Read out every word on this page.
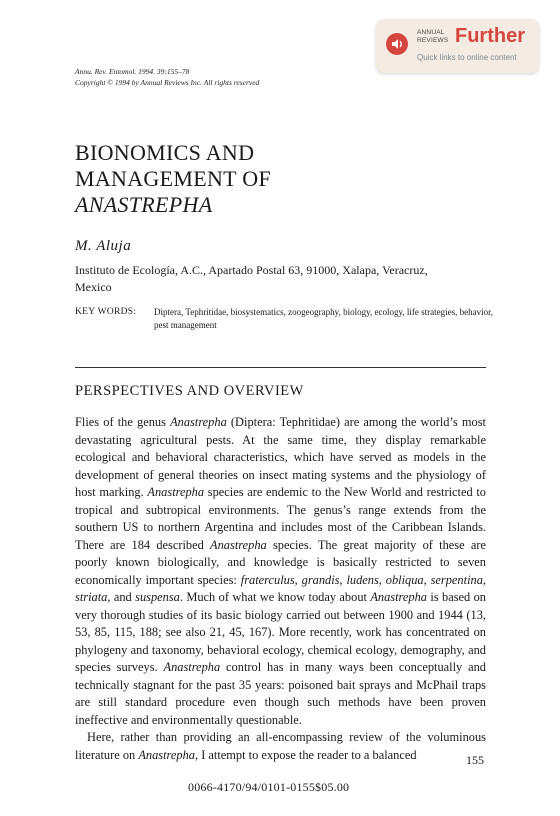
ANNUAL
REVIEWS Further
Quick links to online content
Annu. Rev. Entomol. 1994. 39:155–78
Copyright © 1994 by Annual Reviews Inc. All rights reserved
BIONOMICS AND
MANAGEMENT OF
ANASTREPHA
M. Aluja
Instituto de Ecología, A.C., Apartado Postal 63, 91000, Xalapa, Veracruz,
Mexico
KEY WORDS: Diptera, Tephritidae, biosystematics, zoogeography, biology, ecology, life strategies, behavior, pest management
PERSPECTIVES AND OVERVIEW

Flies of the genus Anastrepha (Diptera: Tephritidae) are among the world’s most devastating agricultural pests. At the same time, they display remarkable ecological and behavioral characteristics, which have served as models in the development of general theories on insect mating systems and the physiology of host marking. Anastrepha species are endemic to the New World and restricted to tropical and subtropical environments. The genus’s range extends from the southern US to northern Argentina and includes most of the Caribbean Islands. There are 184 described Anastrepha species. The great majority of these are poorly known biologically, and knowledge is basically restricted to seven economically important species: fraterculus, grandis, ludens, obliqua, serpentina, striata, and suspensa. Much of what we know today about Anastrepha is based on very thorough studies of its basic biology carried out between 1900 and 1944 (13, 53, 85, 115, 188; see also 21, 45, 167). More recently, work has concentrated on phylogeny and taxonomy, behavioral ecology, chemical ecology, demography, and species surveys. Anastrepha control has in many ways been conceptually and technically stagnant for the past 35 years: poisoned bait sprays and McPhail traps are still standard procedure even though such methods have been proven ineffective and environmentally questionable.

Here, rather than providing an all-encompassing review of the voluminous literature on Anastrepha, I attempt to expose the reader to a balanced	155
0066-4170/94/0101-0155$05.00
